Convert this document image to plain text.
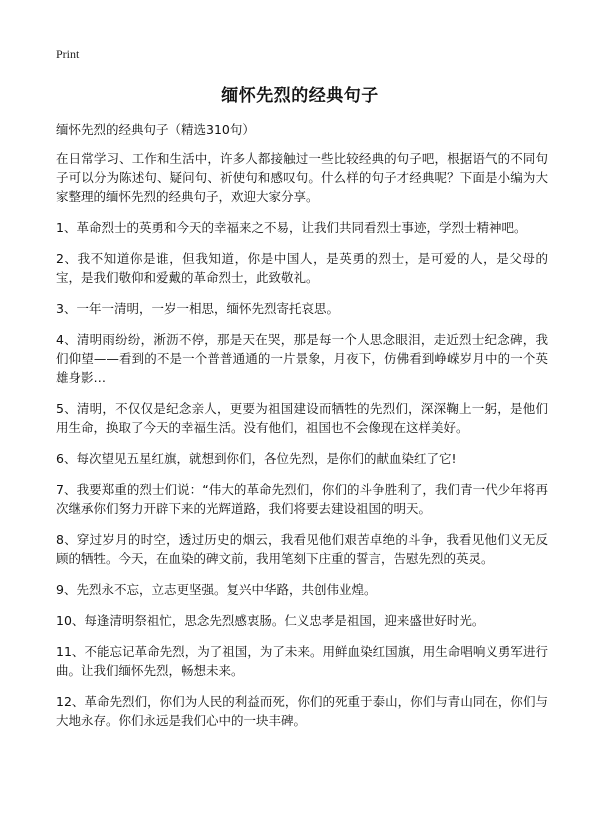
Print
缅怀先烈的经典句子
缅怀先烈的经典句子（精选310句）

在日常学习、工作和生活中，许多人都接触过一些比较经典的句子吧，根据语气的不同句子可以分为陈述句、疑问句、祈使句和感叹句。什么样的句子才经典呢？下面是小编为大家整理的缅怀先烈的经典句子，欢迎大家分享。

1、革命烈士的英勇和今天的幸福来之不易，让我们共同看烈士事迹，学烈士精神吧。

2、我不知道你是谁，但我知道，你是中国人，是英勇的烈士，是可爱的人，是父母的宝，是我们敬仰和爱戴的革命烈士，此致敬礼。

3、一年一清明，一岁一相思，缅怀先烈寄托哀思。

4、清明雨纷纷，淅沥不停，那是天在哭，那是每一个人思念眼泪，走近烈士纪念碑，我们仰望——看到的不是一个普普通通的一片景象，月夜下，仿佛看到峥嵘岁月中的一个英雄身影…

5、清明，不仅仅是纪念亲人，更要为祖国建设而牺牲的先烈们，深深鞠上一躬，是他们用生命，换取了今天的幸福生活。没有他们，祖国也不会像现在这样美好。

6、每次望见五星红旗，就想到你们，各位先烈，是你们的献血染红了它!

7、我要郑重的烈士们说：“伟大的革命先烈们，你们的斗争胜利了，我们青一代少年将再次继承你们努力开辟下来的光辉道路，我们将要去建设祖国的明天。

8、穿过岁月的时空，透过历史的烟云，我看见他们艰苦卓绝的斗争，我看见他们义无反顾的牺牲。今天，在血染的碑文前，我用笔刻下庄重的誓言，告慰先烈的英灵。

9、先烈永不忘，立志更坚强。复兴中华路，共创伟业煌。

10、每逢清明祭祖忙，思念先烈感衷肠。仁义忠孝是祖国，迎来盛世好时光。

11、不能忘记革命先烈，为了祖国，为了未来。用鲜血染红国旗，用生命唱响义勇军进行曲。让我们缅怀先烈，畅想未来。

12、革命先烈们，你们为人民的利益而死，你们的死重于泰山，你们与青山同在，你们与大地永存。你们永远是我们心中的一块丰碑。
